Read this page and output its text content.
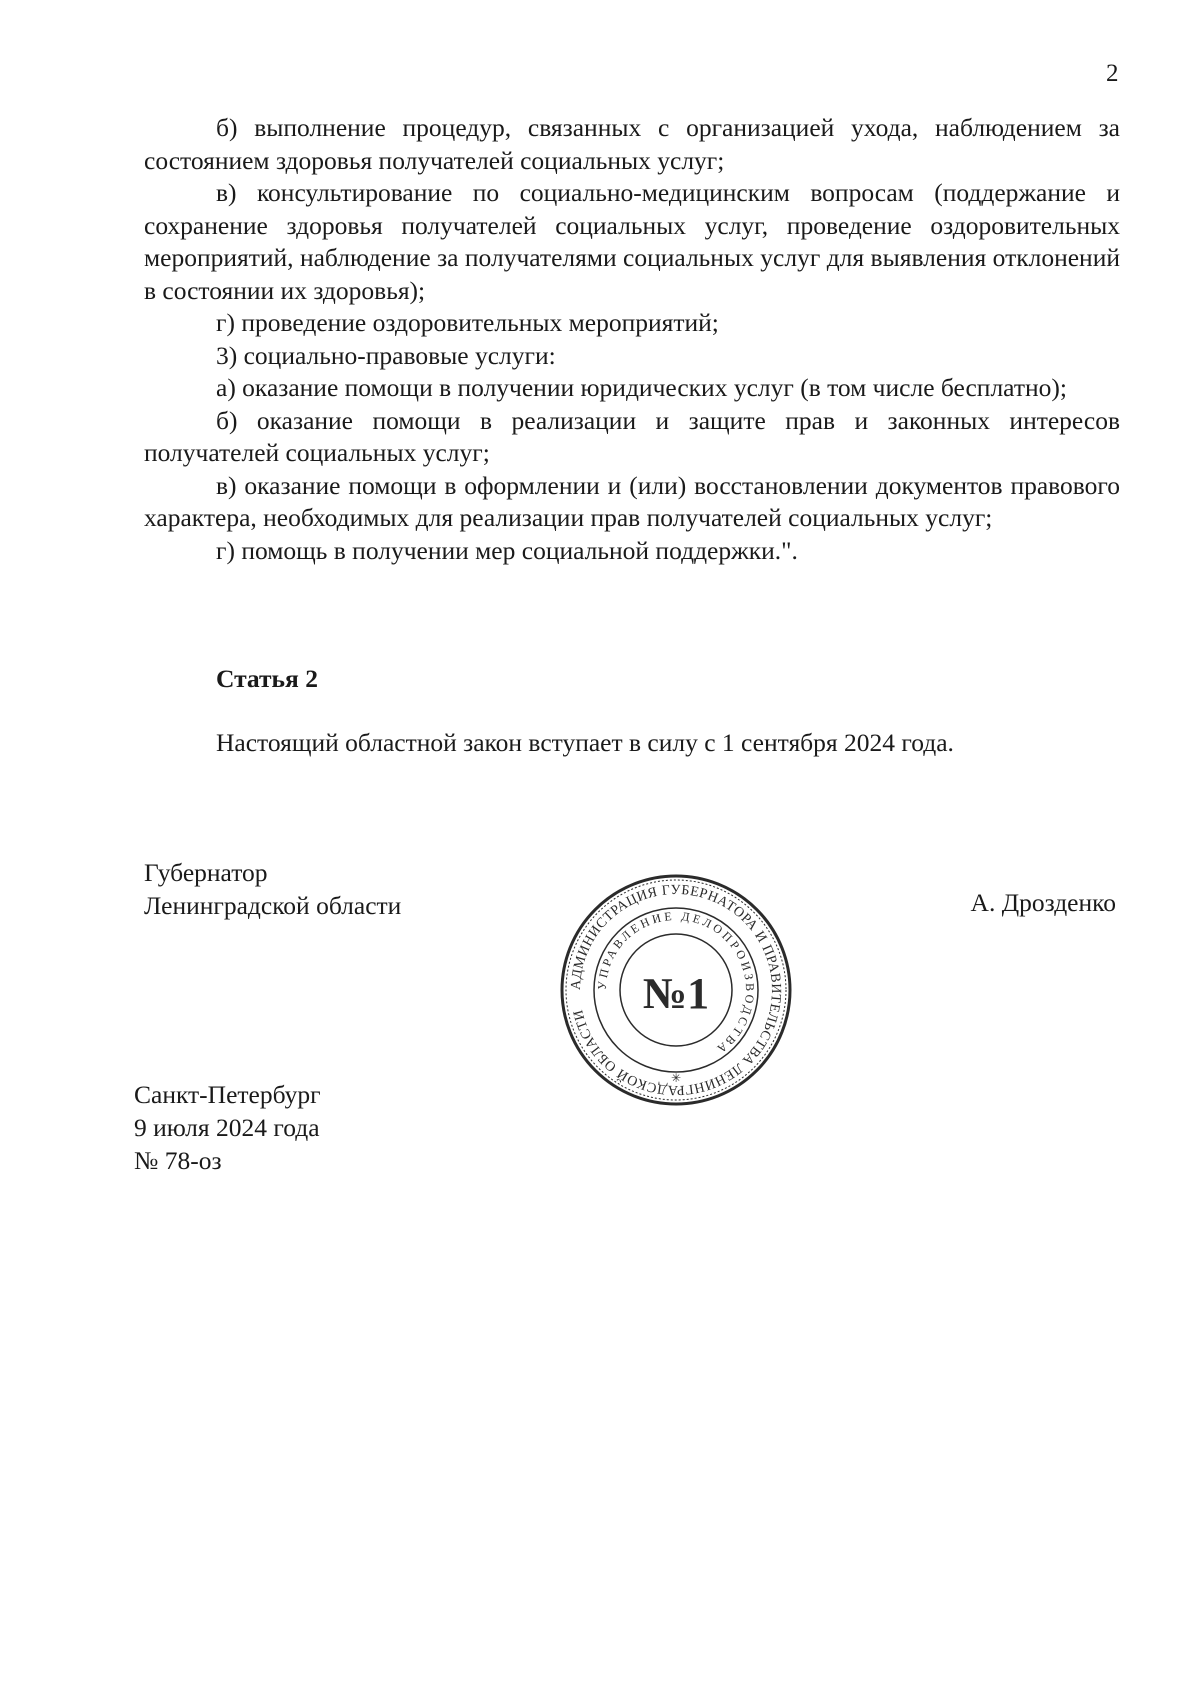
2

б) выполнение процедур, связанных с организацией ухода, наблюдением за состоянием здоровья получателей социальных услуг;

в) консультирование по социально-медицинским вопросам (поддержание и сохранение здоровья получателей социальных услуг, проведение оздоровительных мероприятий, наблюдение за получателями социальных услуг для выявления отклонений в состоянии их здоровья);

г) проведение оздоровительных мероприятий;

3) социально-правовые услуги:

а) оказание помощи в получении юридических услуг (в том числе бесплатно);

б) оказание помощи в реализации и защите прав и законных интересов получателей социальных услуг;

в) оказание помощи в оформлении и (или) восстановлении документов правового характера, необходимых для реализации прав получателей социальных услуг;

г) помощь в получении мер социальной поддержки.".

Статья 2
Настоящий областной закон вступает в силу с 1 сентября 2024 года.
Губернатор
Ленинградской области	А. Дрозденко
АДМИНИСТРАЦИЯ ГУБЕРНАТОРА И ПРАВИТЕЛЬСТВА ЛЕНИНГРАДСКОЙ ОБЛАСТИ
УПРАВЛЕНИЕ ДЕЛОПРОИЗВОДСТВА
№1
✳
Санкт-Петербург
9 июля 2024 года
№ 78-оз
